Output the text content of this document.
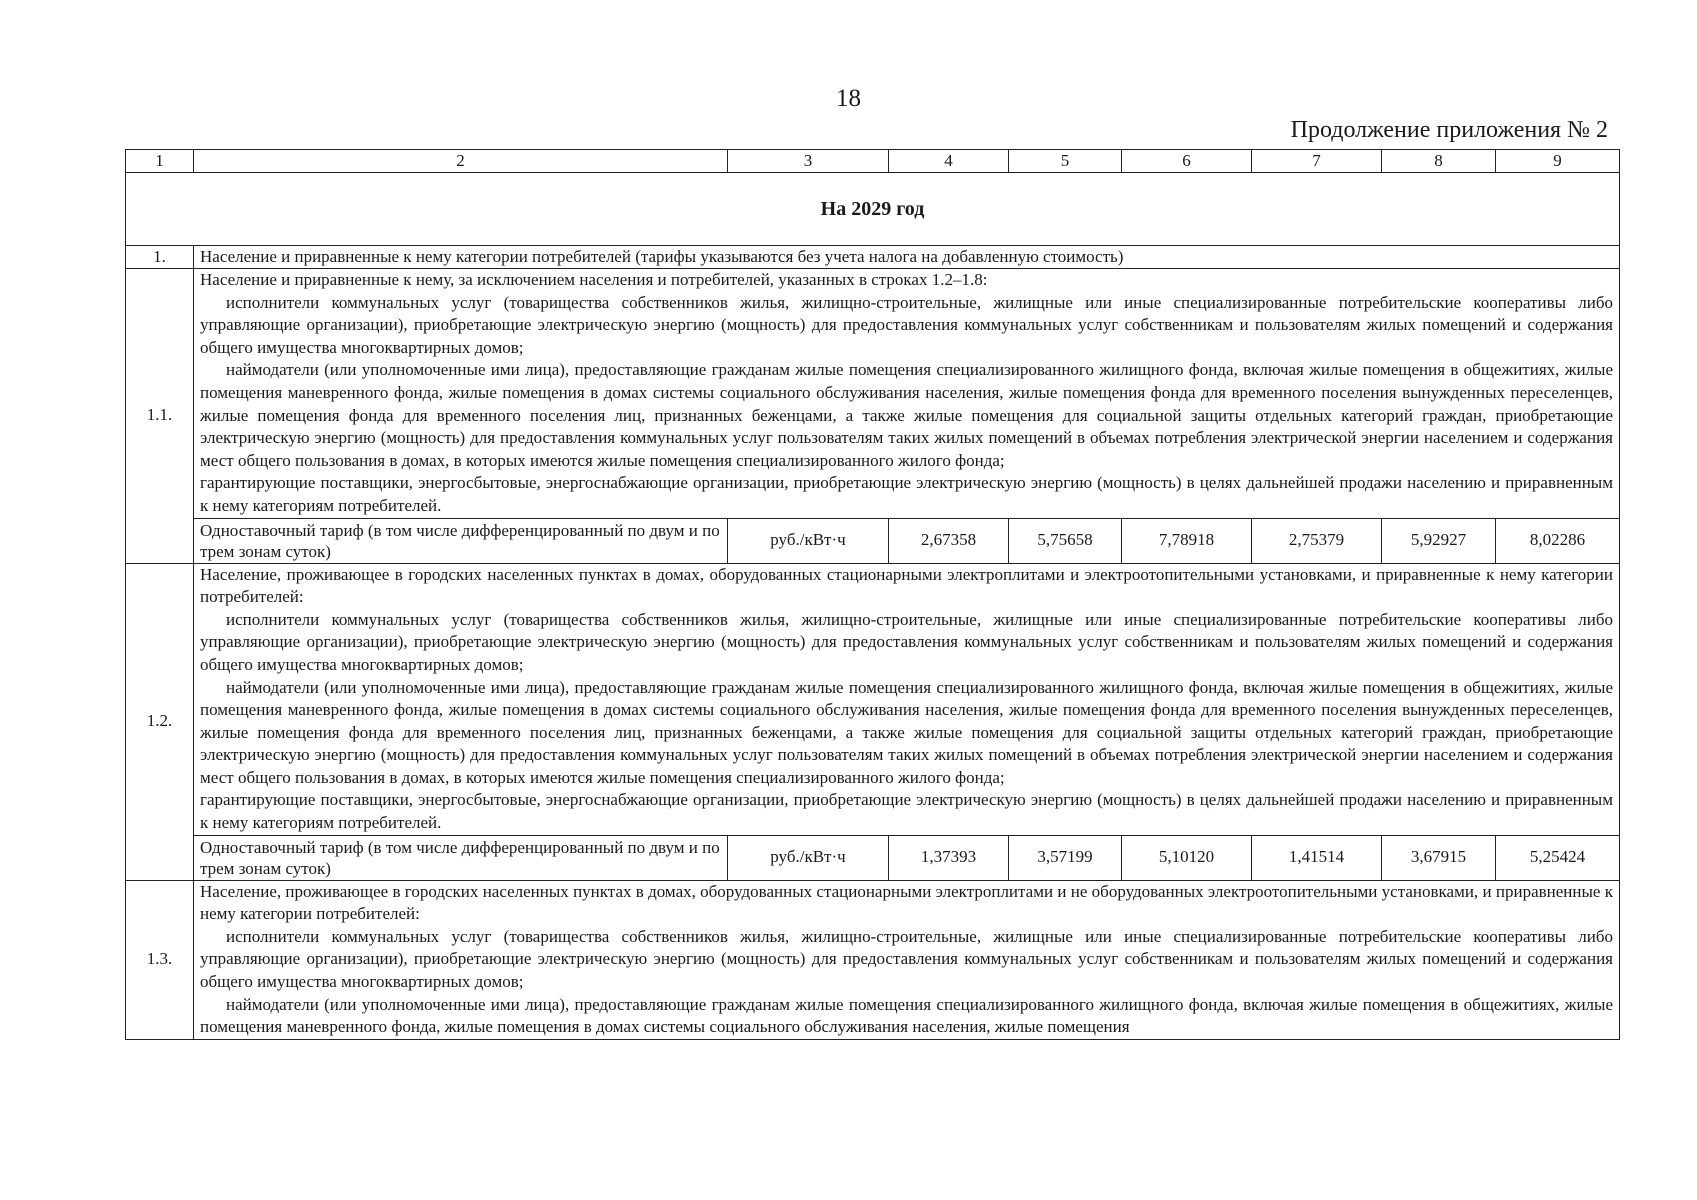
18
Продолжение приложения № 2
1	2	3	4	5	6	7	8	9
На 2029 год								
1.	Население и приравненные к нему категории потребителей (тарифы указываются без учета налога на добавленную стоимость)							
1.1.	Население и приравненные к нему, за исключением населения и потребителей, указанных в строках 1.2–1.8:

исполнители коммунальных услуг (товарищества собственников жилья, жилищно-строительные, жилищные или иные специализированные потребительские кооперативы либо управляющие организации), приобретающие электрическую энергию (мощность) для предоставления коммунальных услуг собственникам и пользователям жилых помещений и содержания общего имущества многоквартирных домов;

наймодатели (или уполномоченные ими лица), предоставляющие гражданам жилые помещения специализированного жилищного фонда, включая жилые помещения в общежитиях, жилые помещения маневренного фонда, жилые помещения в домах системы социального обслуживания населения, жилые помещения фонда для временного поселения вынужденных переселенцев, жилые помещения фонда для временного поселения лиц, признанных беженцами, а также жилые помещения для социальной защиты отдельных категорий граждан, приобретающие электрическую энергию (мощность) для предоставления коммунальных услуг пользователям таких жилых помещений в объемах потребления электрической энергии населением и содержания мест общего пользования в домах, в которых имеются жилые помещения специализированного жилого фонда;

гарантирующие поставщики, энергосбытовые, энергоснабжающие организации, приобретающие электрическую энергию (мощность) в целях дальнейшей продажи населению и приравненным к нему категориям потребителей.							

	Одноставочный тариф (в том числе дифференцированный по двум и по трем зонам суток)	руб./кВт·ч	2,67358	5,75658	7,78918	2,75379	5,92927	8,02286
1.2.	Население, проживающее в городских населенных пунктах в домах, оборудованных стационарными электроплитами и электроотопительными установками, и приравненные к нему категории потребителей:

исполнители коммунальных услуг (товарищества собственников жилья, жилищно-строительные, жилищные или иные специализированные потребительские кооперативы либо управляющие организации), приобретающие электрическую энергию (мощность) для предоставления коммунальных услуг собственникам и пользователям жилых помещений и содержания общего имущества многоквартирных домов;

наймодатели (или уполномоченные ими лица), предоставляющие гражданам жилые помещения специализированного жилищного фонда, включая жилые помещения в общежитиях, жилые помещения маневренного фонда, жилые помещения в домах системы социального обслуживания населения, жилые помещения фонда для временного поселения вынужденных переселенцев, жилые помещения фонда для временного поселения лиц, признанных беженцами, а также жилые помещения для социальной защиты отдельных категорий граждан, приобретающие электрическую энергию (мощность) для предоставления коммунальных услуг пользователям таких жилых помещений в объемах потребления электрической энергии населением и содержания мест общего пользования в домах, в которых имеются жилые помещения специализированного жилого фонда;

гарантирующие поставщики, энергосбытовые, энергоснабжающие организации, приобретающие электрическую энергию (мощность) в целях дальнейшей продажи населению и приравненным к нему категориям потребителей.							

	Одноставочный тариф (в том числе дифференцированный по двум и по трем зонам суток)	руб./кВт·ч	1,37393	3,57199	5,10120	1,41514	3,67915	5,25424
1.3.	Население, проживающее в городских населенных пунктах в домах, оборудованных стационарными электроплитами и не оборудованных электроотопительными установками, и приравненные к нему категории потребителей:

исполнители коммунальных услуг (товарищества собственников жилья, жилищно-строительные, жилищные или иные специализированные потребительские кооперативы либо управляющие организации), приобретающие электрическую энергию (мощность) для предоставления коммунальных услуг собственникам и пользователям жилых помещений и содержания общего имущества многоквартирных домов;

наймодатели (или уполномоченные ими лица), предоставляющие гражданам жилые помещения специализированного жилищного фонда, включая жилые помещения в общежитиях, жилые помещения маневренного фонда, жилые помещения в домах системы социального обслуживания населения, жилые помещения							
